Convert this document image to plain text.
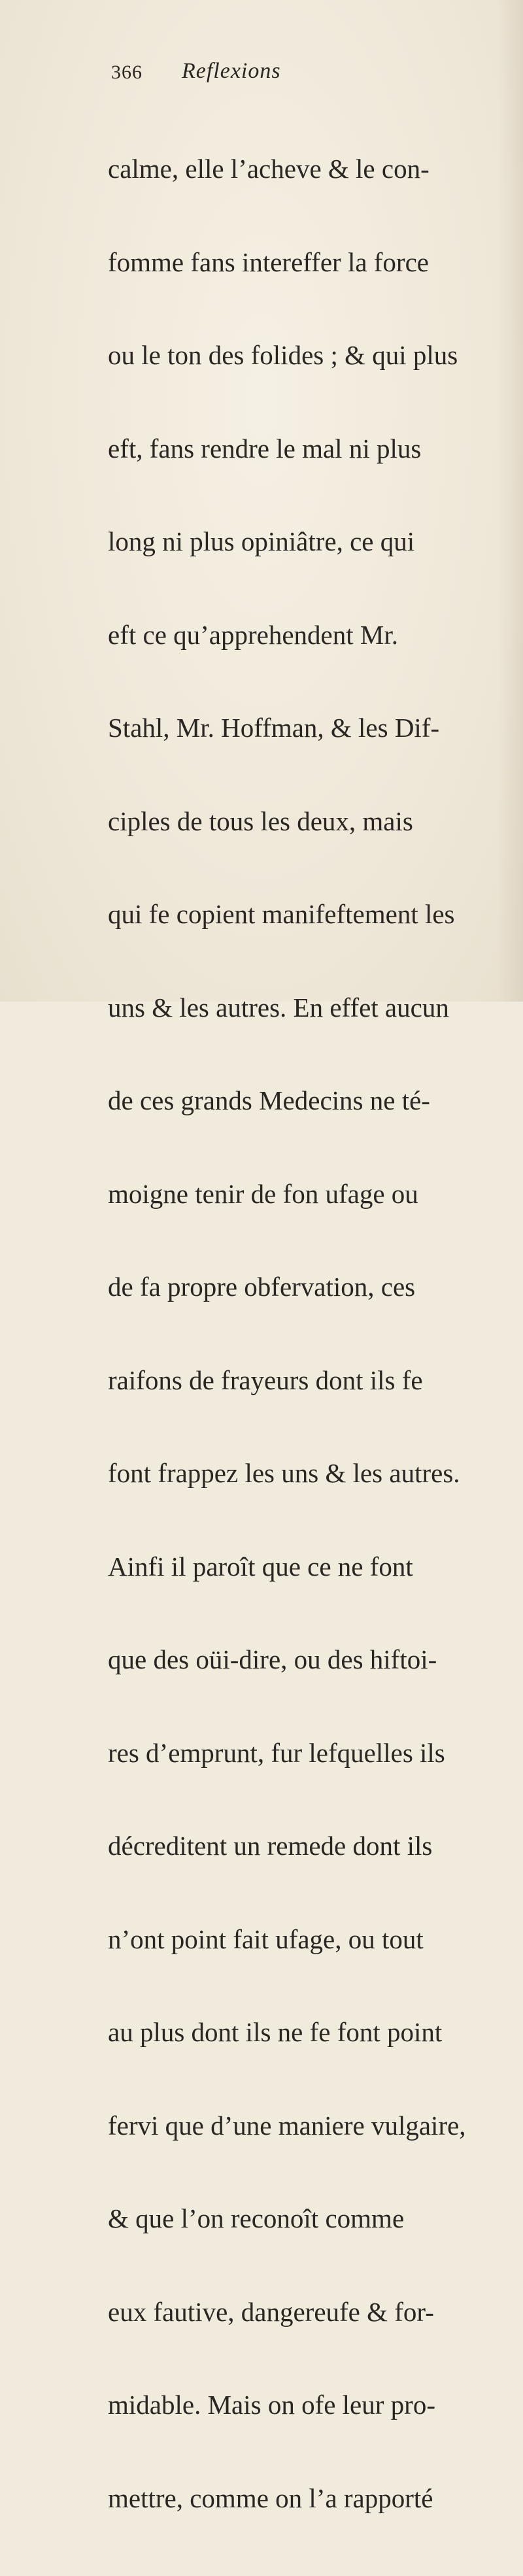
366 Reflexions

calme, elle l’acheve & le con-

fomme fans intereffer la force

ou le ton des folides ; & qui plus

eft, fans rendre le mal ni plus

long ni plus opiniâtre, ce qui

eft ce qu’apprehendent Mr.

Stahl, Mr. Hoffman, & les Dif-

ciples de tous les deux, mais

qui fe copient manifeftement les

uns & les autres. En effet aucun

de ces grands Medecins ne té-

moigne tenir de fon ufage ou

de fa propre obfervation, ces

raifons de frayeurs dont ils fe

font frappez les uns & les autres.

Ainfi il paroît que ce ne font

que des oüi-dire, ou des hiftoi-

res d’emprunt, fur lefquelles ils

décreditent un remede dont ils

n’ont point fait ufage, ou tout

au plus dont ils ne fe font point

fervi que d’une maniere vulgaire,

& que l’on reconoît comme

eux fautive, dangereufe & for-

midable. Mais on ofe leur pro-

mettre, comme on l’a rapporté
